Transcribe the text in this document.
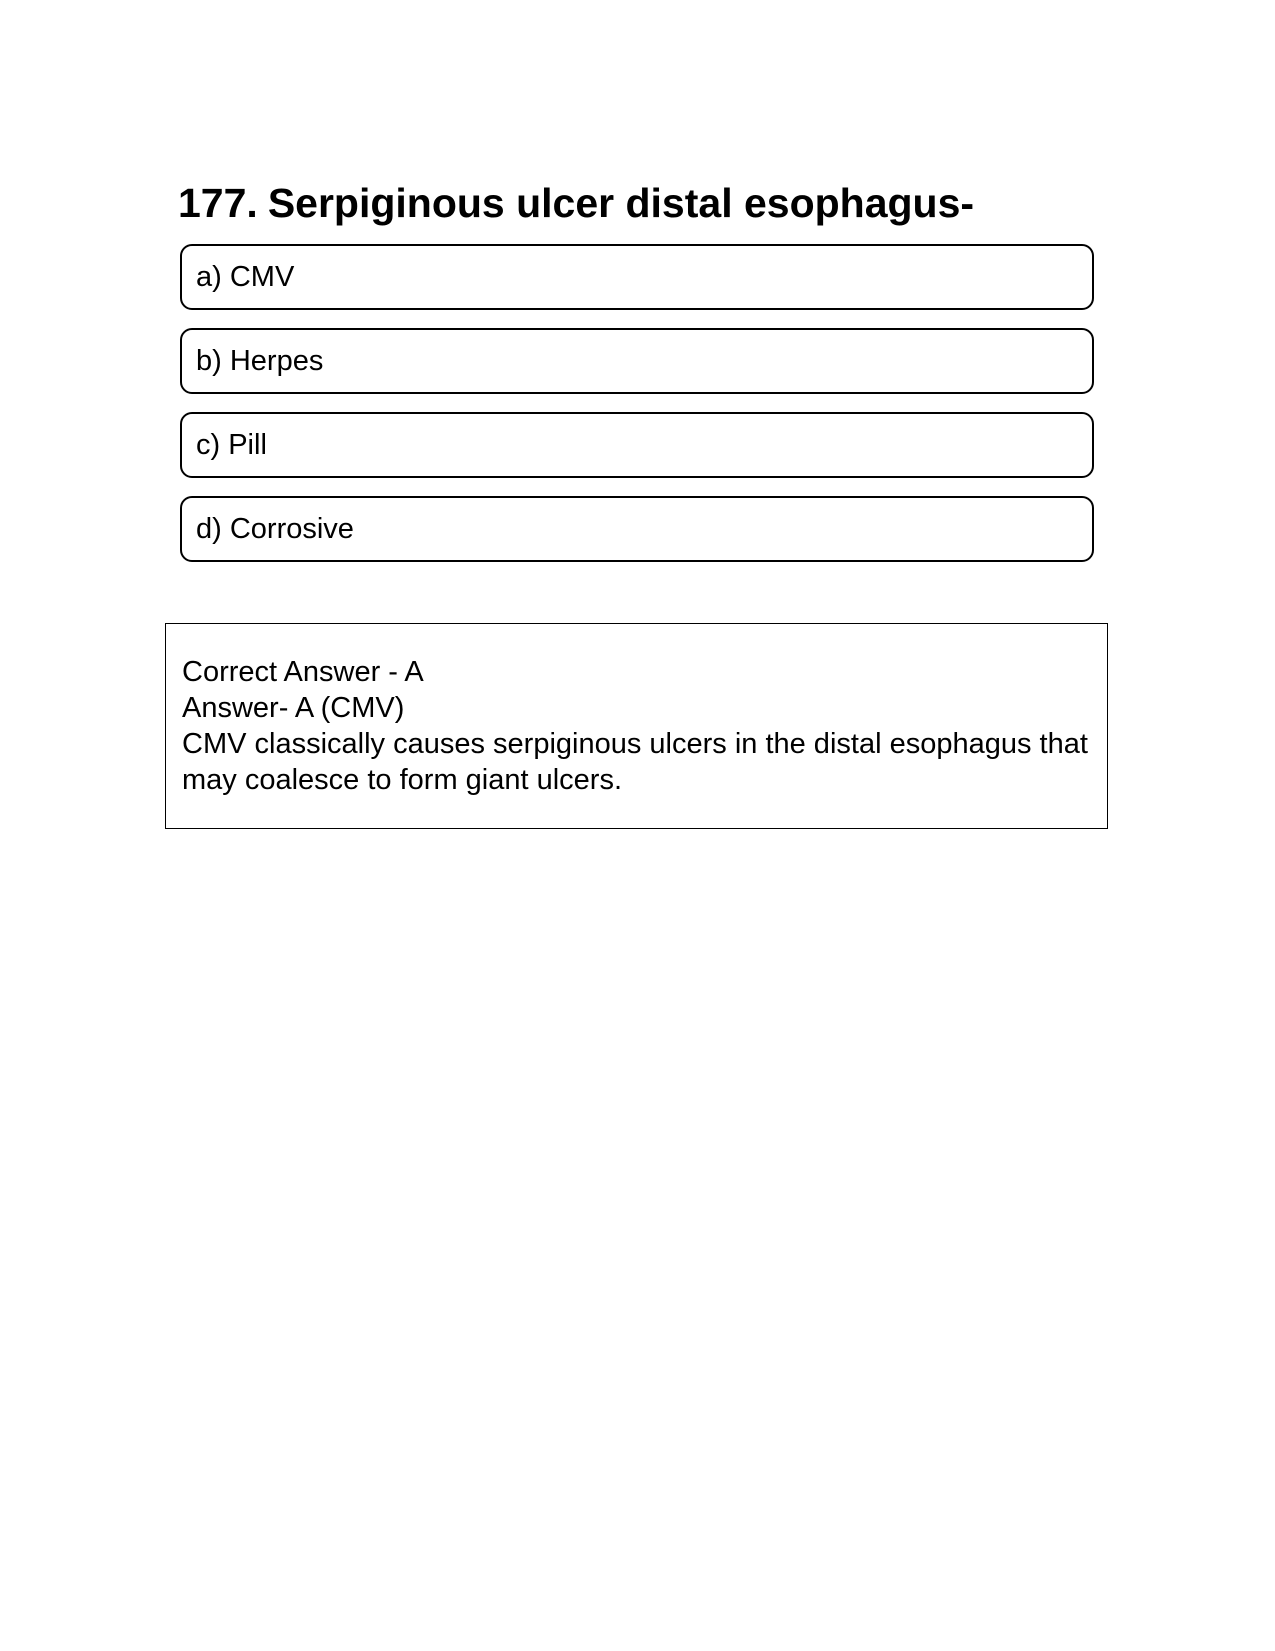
177. Serpiginous ulcer distal esophagus-
a) CMV
b) Herpes
c) Pill
d) Corrosive
Correct Answer - A
Answer- A (CMV)
CMV classically causes serpiginous ulcers in the distal esophagus that may coalesce to form giant ulcers.
